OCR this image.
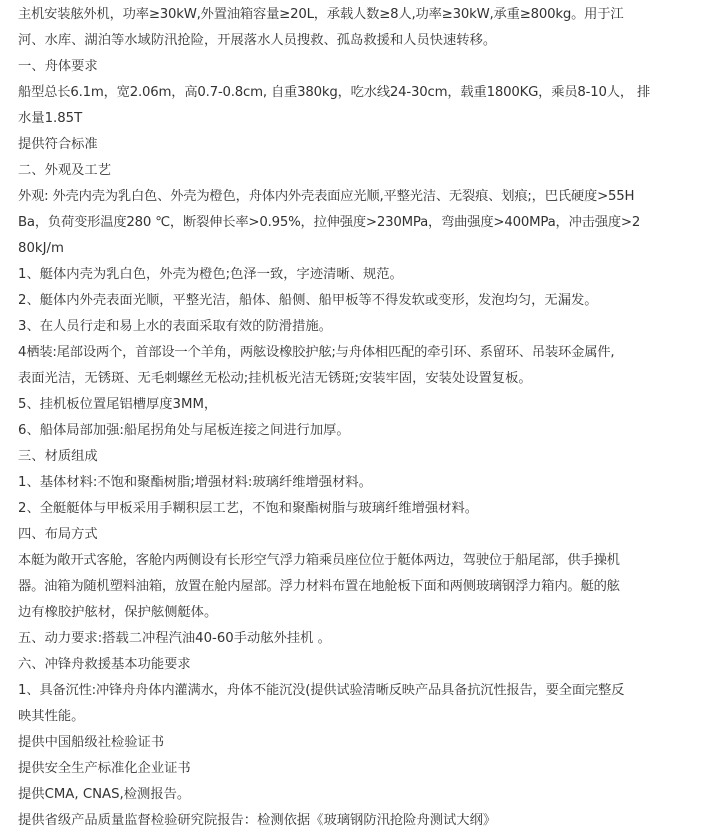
主机安装舷外机，功率≥30kW,外置油箱容量≥20L，承载人数≥8人,功率≥30kW,承重≥800kg。用于江
河、水库、湖泊等水域防汛抢险，开展落水人员搜救、孤岛救援和人员快速转移。
一、舟体要求
船型总长6.1m，宽2.06m，高0.7-0.8cm, 自重380kg，吃水线24-30cm，载重1800KG，乘员8-10人， 排
水量1.85T
提供符合标准
二、外观及工艺
外观: 外壳内壳为乳白色、外壳为橙色，舟体内外壳表面应光顺,平整光洁、无裂痕、划痕;，巴氏硬度>55H
Ba，负荷变形温度280 ℃，断裂伸长率>0.95%，拉伸强度>230MPa，弯曲强度>400MPa，冲击强度>2
80kJ/m
1、艇体内壳为乳白色，外壳为橙色;色泽一致，字迹清晰、规范。
2、艇体内外壳表面光顺，平整光洁，船体、船侧、船甲板等不得发软或变形，发泡均匀，无漏发。
3、在人员行走和易上水的表面采取有效的防滑措施。
4栖装:尾部设两个，首部设一个羊角，两舷设橡胶护舷;与舟体相匹配的牵引环、系留环、吊装环金属件,
表面光洁，无锈斑、无毛刺螺丝无松动;挂机板光洁无锈斑;安装牢固，安装处设置复板。
5、挂机板位置尾铝槽厚度3MM，
6、船体局部加强:船尾拐角处与尾板连接之间进行加厚。
三、材质组成
1、基体材料:不饱和聚酯树脂;增强材料:玻璃纤维增强材料。
2、全艇艇体与甲板采用手糊积层工艺，不饱和聚酯树脂与玻璃纤维增强材料。
四、布局方式
本艇为敞开式客舱，客舱内两侧设有长形空气浮力箱乘员座位位于艇体两边，驾驶位于船尾部，供手操机
器。油箱为随机塑料油箱，放置在舱内屋部。浮力材料布置在地舱板下面和两侧玻璃钢浮力箱内。艇的舷
边有橡胶护舷材，保护舷侧艇体。
五、动力要求:搭载二冲程汽油40-60手动舷外挂机 。
六、冲锋舟救援基本功能要求
1、具备沉性:冲锋舟舟体内灌满水，舟体不能沉没(提供试验清晰反映产品具备抗沉性报告，要全面完整反
映其性能。
提供中国船级社检验证书
提供安全生产标准化企业证书
提供CMA, CNAS,检测报告。
提供省级产品质量监督检验研究院报告：检测依据《玻璃钢防汛抢险舟测试大纲》
